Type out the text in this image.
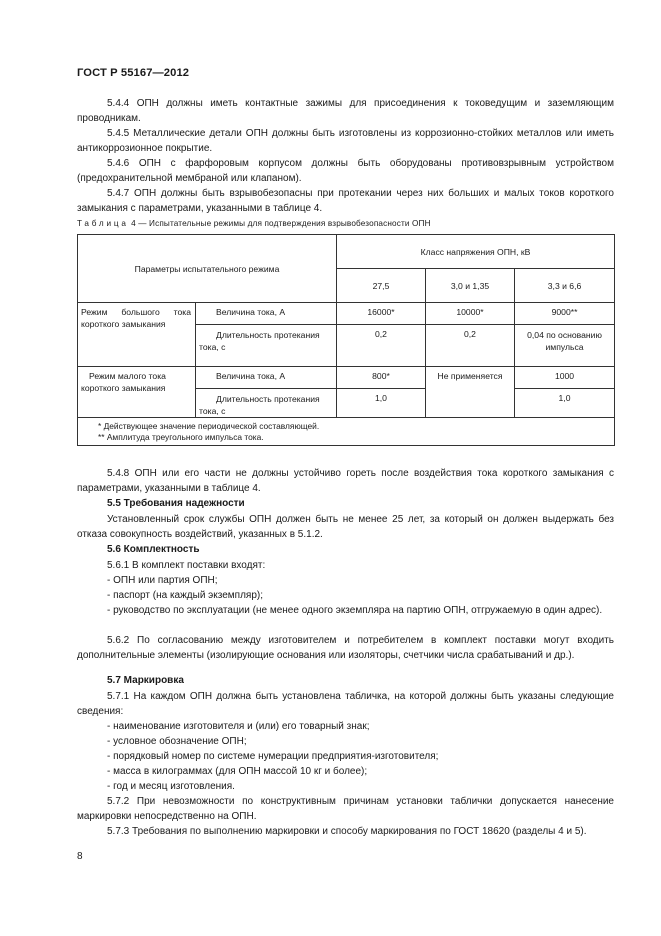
ГОСТ Р 55167—2012

5.4.4 ОПН должны иметь контактные зажимы для присоединения к токоведущим и заземляющим проводникам.

5.4.5 Металлические детали ОПН должны быть изготовлены из коррозионно-стойких металлов или иметь антикоррозионное покрытие.

5.4.6 ОПН с фарфоровым корпусом должны быть оборудованы противовзрывным устройством (предохранительной мембраной или клапаном).

5.4.7 ОПН должны быть взрывобезопасны при протекании через них больших и малых токов короткого замыкания с параметрами, указанными в таблице 4.

Таблица 4 — Испытательные режимы для подтверждения взрывобезопасности ОПН
Параметры испытательного режима		Класс напряжения ОПН, кВ		
		27,5	3,0 и 1,35	3,3 и 6,6
Режим большого тока короткого замыкания	Величина тока, А	16000*	10000*	9000**
	Длительность протекания тока, с	0,2	0,2	0,04 по основанию импульса
Режим малого тока короткого замыкания	Величина тока, А	800*	Не применяется	1000
	Длительность протекания тока, с	1,0		1,0

* Действующее значение периодической составляющей.
** Амплитуда треугольного импульса тока.				

5.4.8 ОПН или его части не должны устойчиво гореть после воздействия тока короткого замыкания с параметрами, указанными в таблице 4.

5.5 Требования надежности

Установленный срок службы ОПН должен быть не менее 25 лет, за который он должен выдержать без отказа совокупность воздействий, указанных в 5.1.2.

5.6 Комплектность

5.6.1 В комплект поставки входят:

- ОПН или партия ОПН;

- паспорт (на каждый экземпляр);

- руководство по эксплуатации (не менее одного экземпляра на партию ОПН, отгружаемую в один адрес).

5.6.2 По согласованию между изготовителем и потребителем в комплект поставки могут входить дополнительные элементы (изолирующие основания или изоляторы, счетчики числа срабатываний и др.).

5.7 Маркировка

5.7.1 На каждом ОПН должна быть установлена табличка, на которой должны быть указаны следующие сведения:

- наименование изготовителя и (или) его товарный знак;

- условное обозначение ОПН;

- порядковый номер по системе нумерации предприятия-изготовителя;

- масса в килограммах (для ОПН массой 10 кг и более);

- год и месяц изготовления.

5.7.2 При невозможности по конструктивным причинам установки таблички допускается нанесение маркировки непосредственно на ОПН.

5.7.3 Требования по выполнению маркировки и способу маркирования по ГОСТ 18620 (разделы 4 и 5).

8
